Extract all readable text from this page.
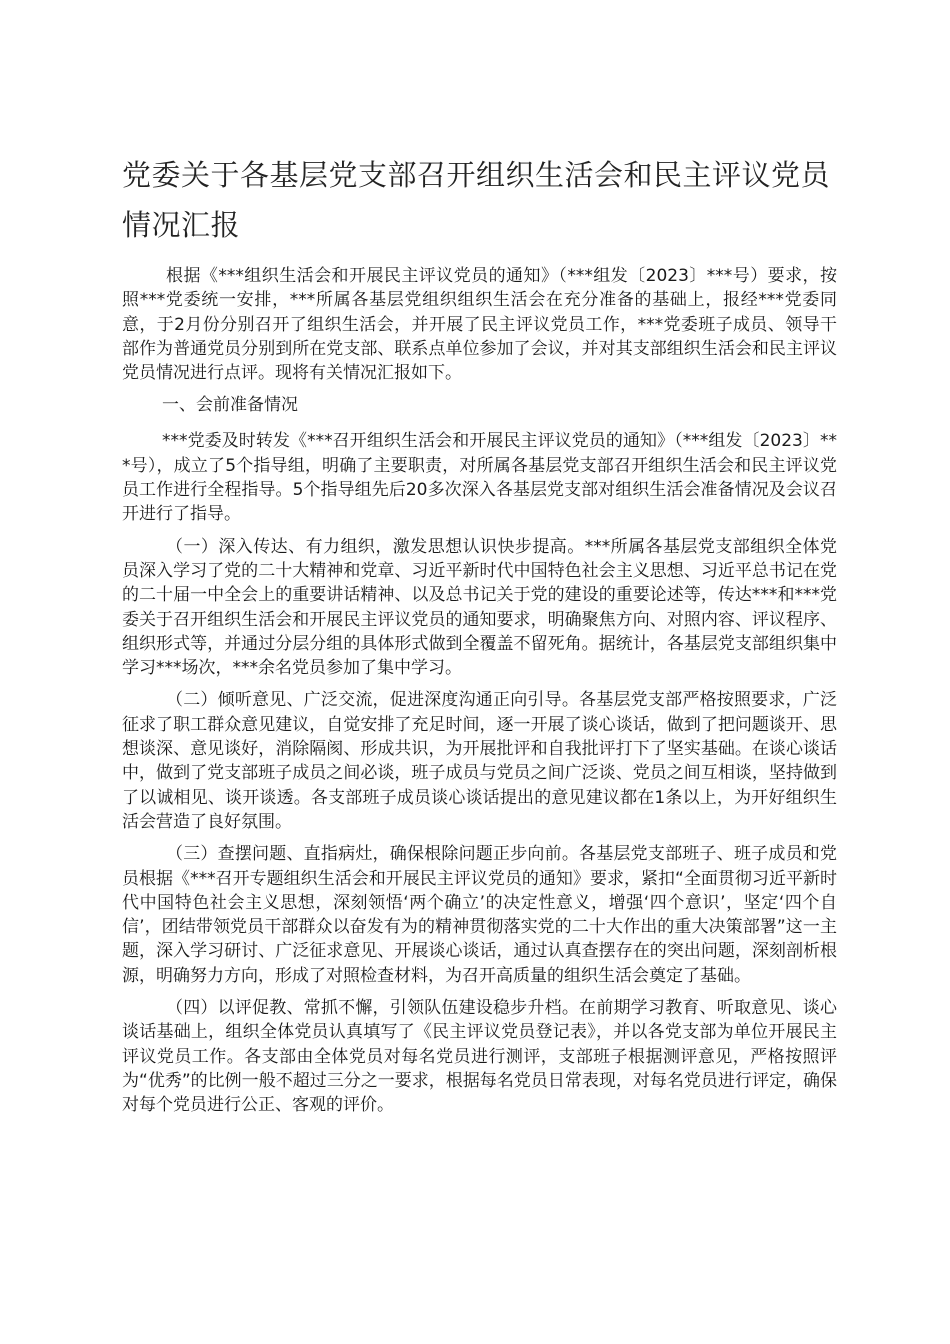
党委关于各基层党支部召开组织生活会和民主评议党员情况汇报

根据《***组织生活会和开展民主评议党员的通知》（***组发〔2023〕***号）要求，按照***党委统一安排，***所属各基层党组织组织生活会在充分准备的基础上，报经***党委同意，于2月份分别召开了组织生活会，并开展了民主评议党员工作，***党委班子成员、领导干部作为普通党员分别到所在党支部、联系点单位参加了会议，并对其支部组织生活会和民主评议党员情况进行点评。现将有关情况汇报如下。

一、会前准备情况

***党委及时转发《***召开组织生活会和开展民主评议党员的通知》（***组发〔2023〕***号），成立了5个指导组，明确了主要职责，对所属各基层党支部召开组织生活会和民主评议党员工作进行全程指导。5个指导组先后20多次深入各基层党支部对组织生活会准备情况及会议召开进行了指导。

（一）深入传达、有力组织，激发思想认识快步提高。***所属各基层党支部组织全体党员深入学习了党的二十大精神和党章、习近平新时代中国特色社会主义思想、习近平总书记在党的二十届一中全会上的重要讲话精神、以及总书记关于党的建设的重要论述等，传达***和***党委关于召开组织生活会和开展民主评议党员的通知要求，明确聚焦方向、对照内容、评议程序、组织形式等，并通过分层分组的具体形式做到全覆盖不留死角。据统计，各基层党支部组织集中学习***场次，***余名党员参加了集中学习。

（二）倾听意见、广泛交流，促进深度沟通正向引导。各基层党支部严格按照要求，广泛征求了职工群众意见建议，自觉安排了充足时间，逐一开展了谈心谈话，做到了把问题谈开、思想谈深、意见谈好，消除隔阂、形成共识，为开展批评和自我批评打下了坚实基础。在谈心谈话中，做到了党支部班子成员之间必谈，班子成员与党员之间广泛谈、党员之间互相谈，坚持做到了以诚相见、谈开谈透。各支部班子成员谈心谈话提出的意见建议都在1条以上，为开好组织生活会营造了良好氛围。

（三）查摆问题、直指病灶，确保根除问题正步向前。各基层党支部班子、班子成员和党员根据《***召开专题组织生活会和开展民主评议党员的通知》要求，紧扣“全面贯彻习近平新时代中国特色社会主义思想，深刻领悟‘两个确立’的决定性意义，增强‘四个意识’，坚定‘四个自信’，团结带领党员干部群众以奋发有为的精神贯彻落实党的二十大作出的重大决策部署”这一主题，深入学习研讨、广泛征求意见、开展谈心谈话，通过认真查摆存在的突出问题，深刻剖析根源，明确努力方向，形成了对照检查材料，为召开高质量的组织生活会奠定了基础。

（四）以评促教、常抓不懈，引领队伍建设稳步升档。在前期学习教育、听取意见、谈心谈话基础上，组织全体党员认真填写了《民主评议党员登记表》，并以各党支部为单位开展民主评议党员工作。各支部由全体党员对每名党员进行测评，支部班子根据测评意见，严格按照评为“优秀”的比例一般不超过三分之一要求，根据每名党员日常表现，对每名党员进行评定，确保对每个党员进行公正、客观的评价。
